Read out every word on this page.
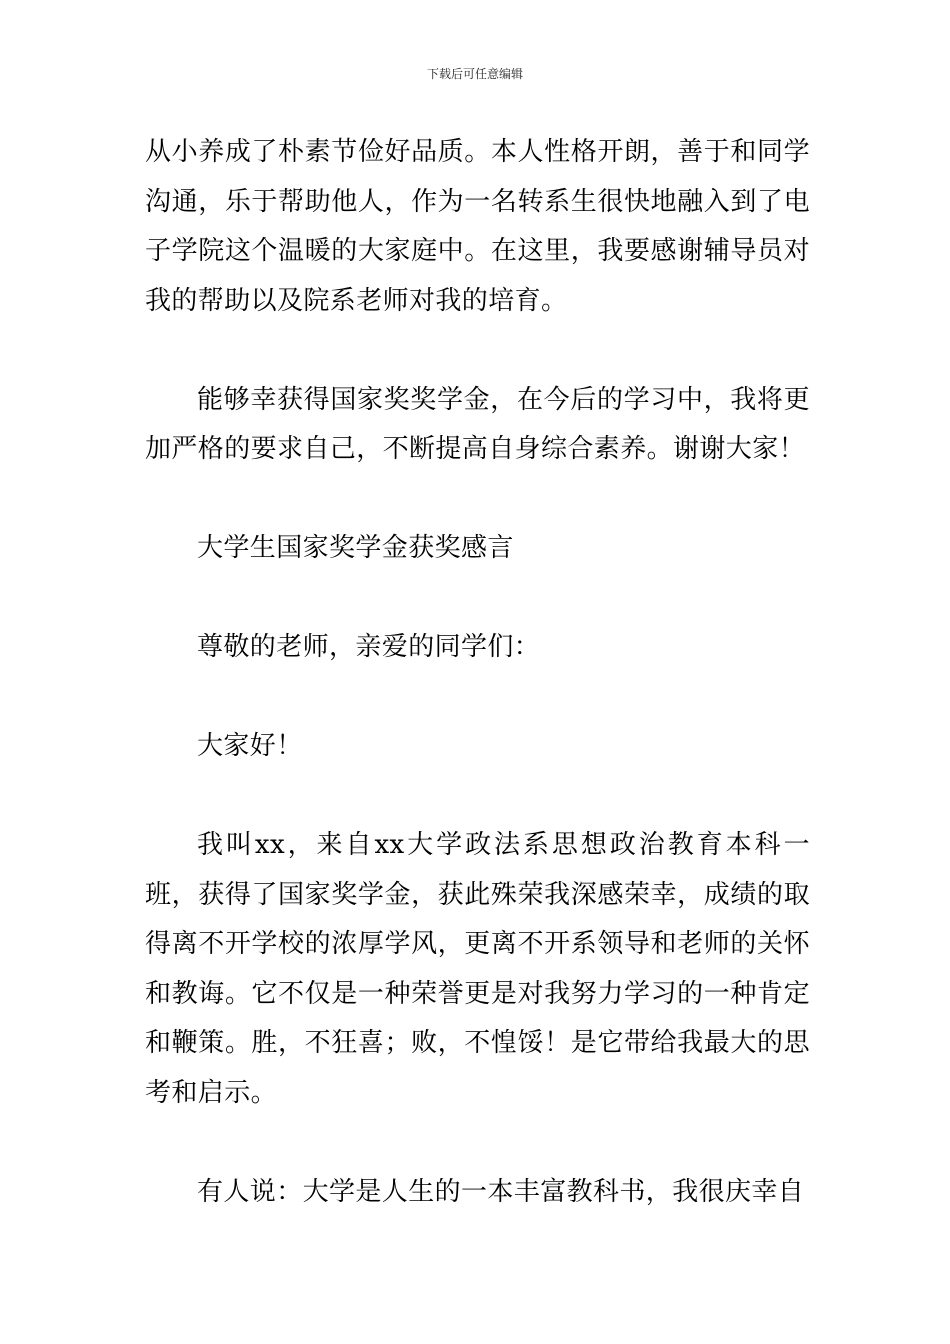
下载后可任意编辑

从小养成了朴素节俭好品质。本人性格开朗，善于和同学沟通，乐于帮助他人，作为一名转系生很快地融入到了电子学院这个温暖的大家庭中。在这里，我要感谢辅导员对我的帮助以及院系老师对我的培育。

能够幸获得国家奖奖学金，在今后的学习中，我将更加严格的要求自己，不断提高自身综合素养。谢谢大家！

大学生国家奖学金获奖感言

尊敬的老师，亲爱的同学们：

大家好！

我叫xx，来自xx大学政法系思想政治教育本科一班，获得了国家奖学金，获此殊荣我深感荣幸，成绩的取得离不开学校的浓厚学风，更离不开系领导和老师的关怀和教诲。它不仅是一种荣誉更是对我努力学习的一种肯定和鞭策。胜，不狂喜；败，不惶馁！是它带给我最大的思考和启示。

有人说：大学是人生的一本丰富教科书，我很庆幸自
